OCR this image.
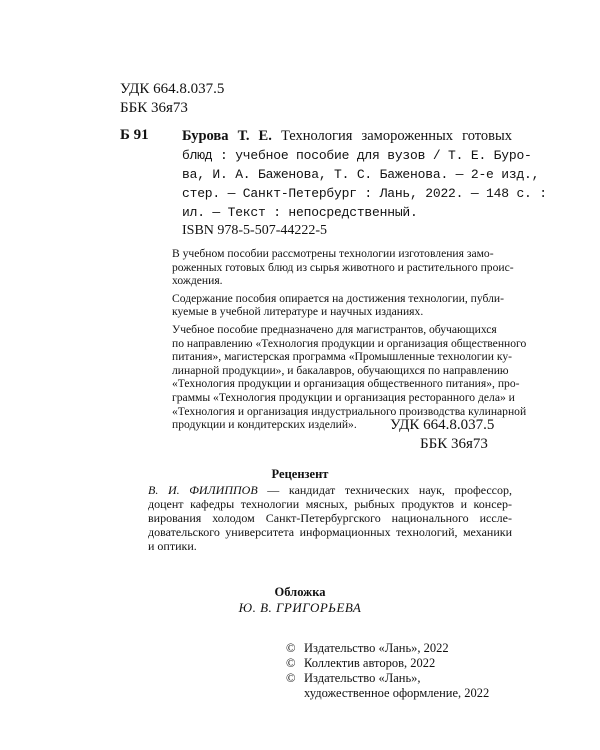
УДК 664.8.037.5
ББК 36я73
Б 91 Бурова Т. Е. Технология замороженных готовых
блюд : учебное пособие для вузов / Т. Е. Буро-
ва, И. А. Баженова, Т. С. Баженова. — 2-е изд.,
стер. — Санкт-Петербург : Лань, 2022. — 148 с. :
ил. — Текст : непосредственный.
ISBN 978-5-507-44222-5
В учебном пособии рассмотрены технологии изготовления замо-
роженных готовых блюд из сырья животного и растительного проис-
хождения.
Содержание пособия опирается на достижения технологии, публи-
куемые в учебной литературе и научных изданиях.
Учебное пособие предназначено для магистрантов, обучающихся
по направлению «Технология продукции и организация общественного
питания», магистерская программа «Промышленные технологии ку-
линарной продукции», и бакалавров, обучающихся по направлению
«Технология продукции и организация общественного питания», про-
граммы «Технология продукции и организация ресторанного дела» и
«Технология и организация индустриального производства кулинарной
продукции и кондитерских изделий».	УДК 664.8.037.5
ББК 36я73
Рецензент
В. И. ФИЛИППОВ — кандидат технических наук, профессор,
доцент кафедры технологии мясных, рыбных продуктов и консер-
вирования холодом Санкт-Петербургского национального иссле-
довательского университета информационных технологий, механики
и оптики.
Обложка
Ю. В. ГРИГОРЬЕВА
© Издательство «Лань», 2022
© Коллектив авторов, 2022
© Издательство «Лань»,
художественное оформление, 2022
